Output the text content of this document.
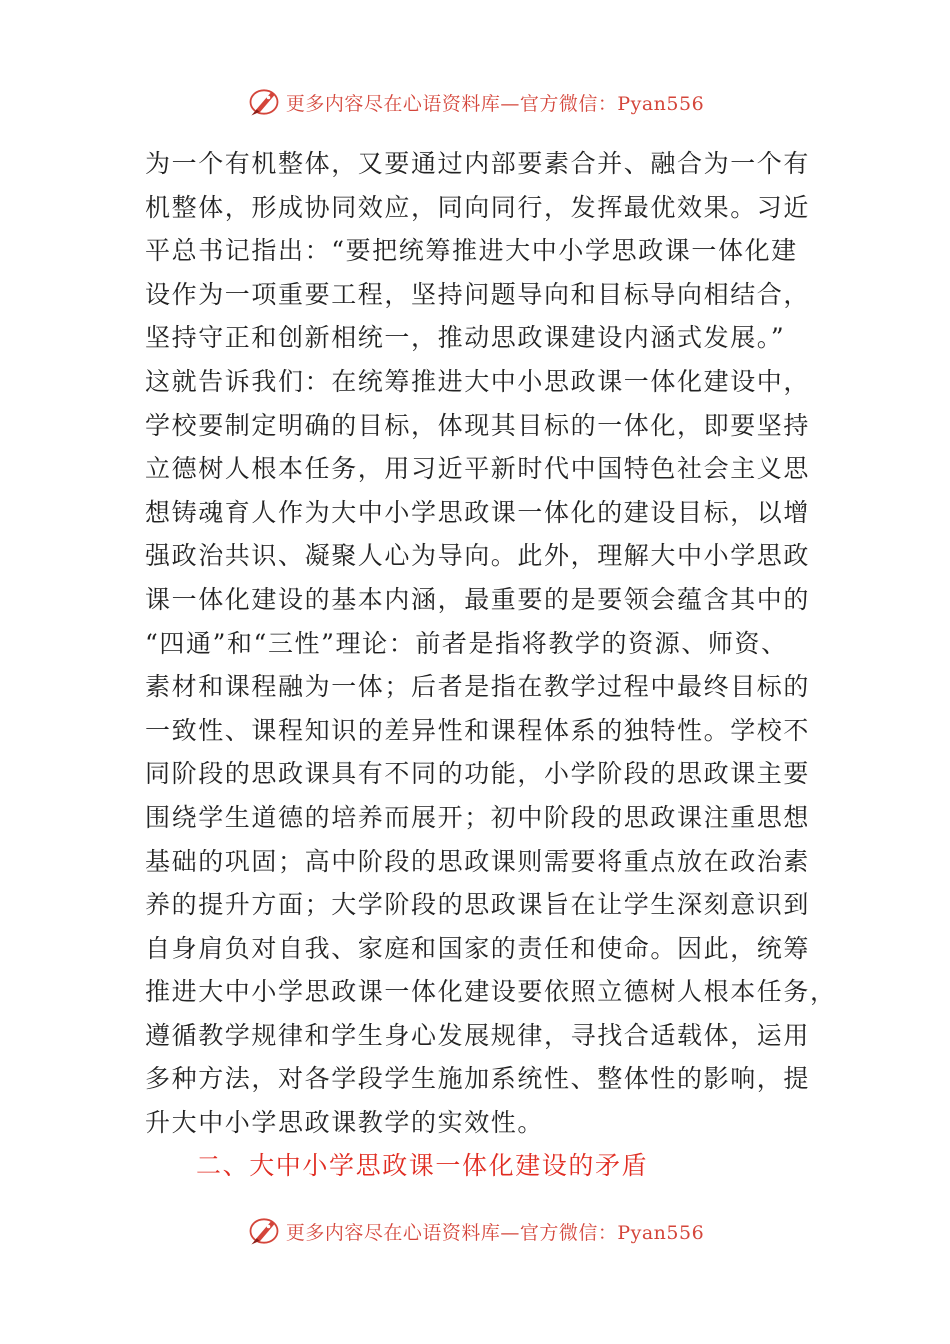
更多内容尽在心语资料库—官方微信：Pyan556
为一个有机整体，又要通过内部要素合并、融合为一个有
机整体，形成协同效应，同向同行，发挥最优效果。习近
平总书记指出：“要把统筹推进大中小学思政课一体化建
设作为一项重要工程，坚持问题导向和目标导向相结合，
坚持守正和创新相统一，推动思政课建设内涵式发展。”
这就告诉我们：在统筹推进大中小思政课一体化建设中，
学校要制定明确的目标，体现其目标的一体化，即要坚持
立德树人根本任务，用习近平新时代中国特色社会主义思
想铸魂育人作为大中小学思政课一体化的建设目标，以增
强政治共识、凝聚人心为导向。此外，理解大中小学思政
课一体化建设的基本内涵，最重要的是要领会蕴含其中的
“四通”和“三性”理论：前者是指将教学的资源、师资、
素材和课程融为一体；后者是指在教学过程中最终目标的
一致性、课程知识的差异性和课程体系的独特性。学校不
同阶段的思政课具有不同的功能，小学阶段的思政课主要
围绕学生道德的培养而展开；初中阶段的思政课注重思想
基础的巩固；高中阶段的思政课则需要将重点放在政治素
养的提升方面；大学阶段的思政课旨在让学生深刻意识到
自身肩负对自我、家庭和国家的责任和使命。因此，统筹
推进大中小学思政课一体化建设要依照立德树人根本任务，
遵循教学规律和学生身心发展规律，寻找合适载体，运用
多种方法，对各学段学生施加系统性、整体性的影响，提
升大中小学思政课教学的实效性。
二、大中小学思政课一体化建设的矛盾
更多内容尽在心语资料库—官方微信：Pyan556
